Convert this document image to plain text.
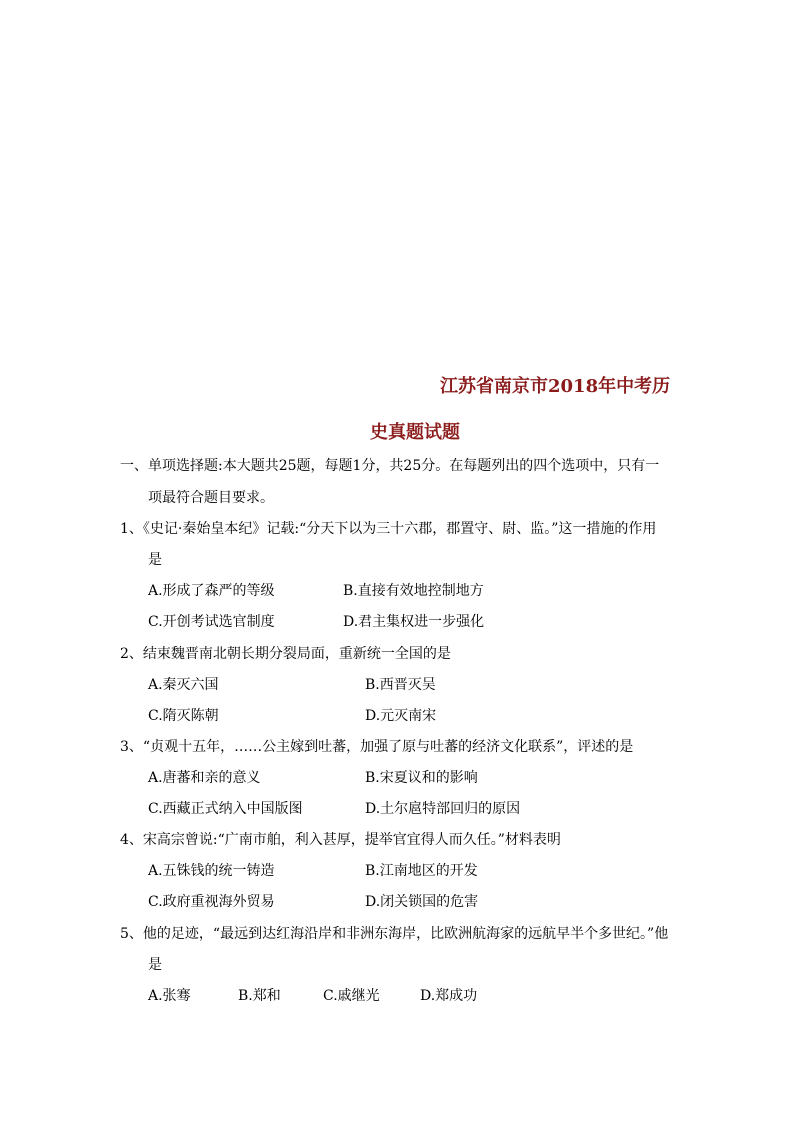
江苏省南京市2018年中考历
史真题试题
一、单项选择题:本大题共25题，每题1分，共25分。在每题列出的四个选项中，只有一
项最符合题目要求。
1、《史记·秦始皇本纪》记载:“分天下以为三十六郡，郡置守、尉、监。”这一措施的作用
是
A.形成了森严的等级	B.直接有效地控制地方
C.开创考试选官制度	D.君主集权进一步强化
2、结束魏晋南北朝长期分裂局面，重新统一全国的是
A.秦灭六国	B.西晋灭吴
C.隋灭陈朝	D.元灭南宋
3、“贞观十五年，……公主嫁到吐蕃，加强了原与吐蕃的经济文化联系”，评述的是
A.唐蕃和亲的意义	B.宋夏议和的影响
C.西藏正式纳入中国版图	D.土尔扈特部回归的原因
4、宋高宗曾说:“广南市舶，利入甚厚，提举官宜得人而久任。”材料表明
A.五铢钱的统一铸造	B.江南地区的开发
C.政府重视海外贸易	D.闭关锁国的危害
5、他的足迹，“最远到达红海沿岸和非洲东海岸，比欧洲航海家的远航早半个多世纪。”他
是
A.张骞	B.郑和	C.戚继光	D.郑成功
